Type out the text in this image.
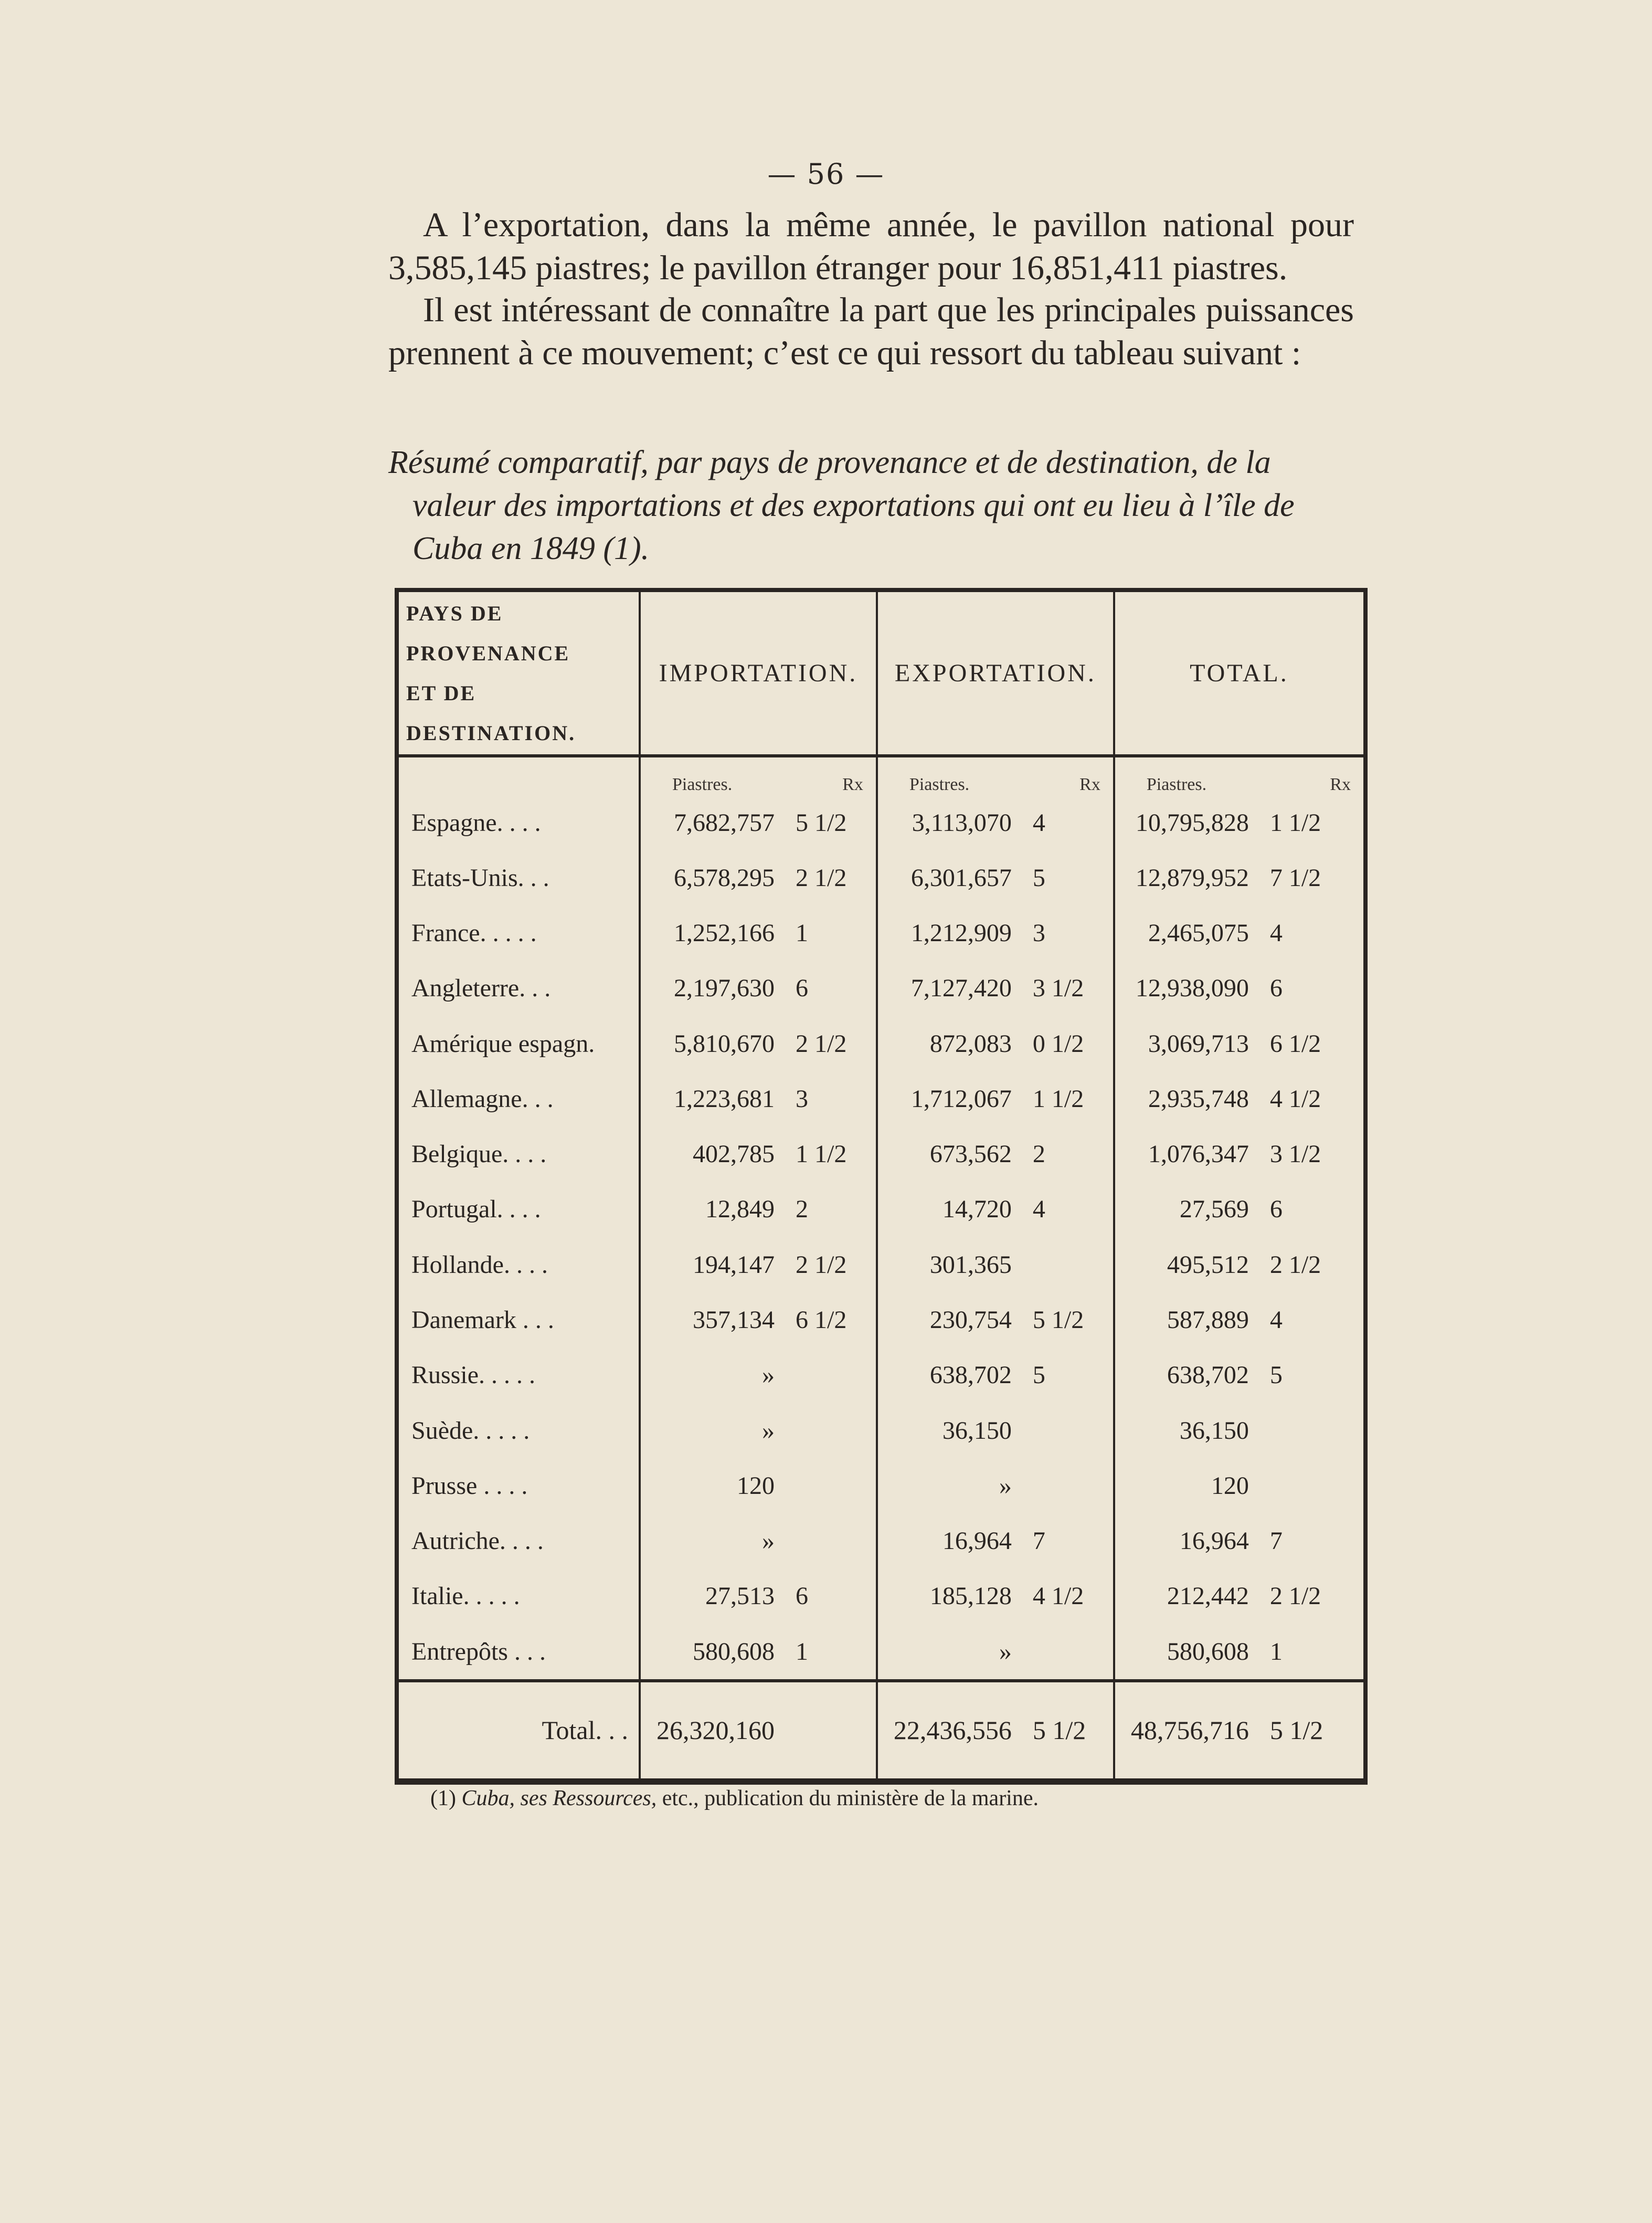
— 56 —
A l’exportation, dans la même année, le pavillon national pour 3,585,145 piastres; le pavillon étranger pour 16,851,411 piastres.
Il est intéressant de connaître la part que les principales puissances prennent à ce mouvement; c’est ce qui ressort du tableau suivant :
Résumé comparatif, par pays de provenance et de destination, de la
valeur des importations et des exportations qui ont eu lieu à l’île de
Cuba en 1849 (1).
PAYS DE PROVENANCE
ET DE DESTINATION.	IMPORTATION.	EXPORTATION.	TOTAL.

	Piastres. Rx	Piastres. Rx	Piastres. Rx

Espagne. . . .	7,682,757 5 1/2	3,113,070 4	10,795,828 1 1/2

Etats-Unis. . .	6,578,295 2 1/2	6,301,657 5	12,879,952 7 1/2

France. . . . .	1,252,166 1	1,212,909 3	2,465,075 4

Angleterre. . .	2,197,630 6	7,127,420 3 1/2	12,938,090 6

Amérique espagn.	5,810,670 2 1/2	872,083 0 1/2	3,069,713 6 1/2

Allemagne. . .	1,223,681 3	1,712,067 1 1/2	2,935,748 4 1/2

Belgique. . . .	402,785 1 1/2	673,562 2	1,076,347 3 1/2

Portugal. . . .	12,849 2	14,720 4	27,569 6

Hollande. . . .	194,147 2 1/2	301,365	495,512 2 1/2

Danemark . . .	357,134 6 1/2	230,754 5 1/2	587,889 4

Russie. . . . .	»	638,702 5	638,702 5

Suède. . . . .	»	36,150	36,150

Prusse . . . .	120	»	120

Autriche. . . .	»	16,964 7	16,964 7

Italie. . . . .	27,513 6	185,128 4 1/2	212,442 2 1/2

Entrepôts . . .	580,608 1	»	580,608 1

Total. . .	26,320,160	22,436,556 5 1/2	48,756,716 5 1/2
(1) Cuba, ses Ressources, etc., publication du ministère de la marine.
